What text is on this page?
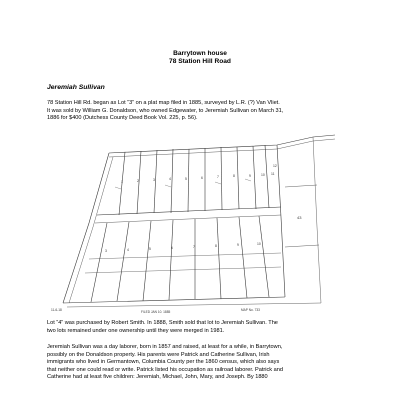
Barrytown house
78 Station Hill Road
Jeremiah Sullivan
78 Station Hill Rd. began as Lot “3” on a plat map filed in 1885, surveyed by L.R. (?) Van Vliet.
It was sold by William G. Donaldson, who owned Edgewater, to Jeremiah Sullivan on March 31,
1886 for $400 (Dutchess County Deed Book Vol. 225, p. 56).
1	2	3	4	5	6	7	8	9	10 11
12
3	4	5	6	7	8	9	10
43
11-6-18	FILED JAN 10. 1885	MAP No. 733
Lot “4” was purchased by Robert Smith. In 1888, Smith sold that lot to Jeremiah Sullivan. The
two lots remained under one ownership until they were merged in 1981.
Jeremiah Sullivan was a day laborer, born in 1857 and raised, at least for a while, in Barrytown,
possibly on the Donaldson property. His parents were Patrick and Catherine Sullivan, Irish
immigrants who lived in Germantown, Columbia County per the 1860 census, which also says
that neither one could read or write. Patrick listed his occupation as railroad laborer. Patrick and
Catherine had at least five children: Jeremiah, Michael, John, Mary, and Joseph. By 1880
